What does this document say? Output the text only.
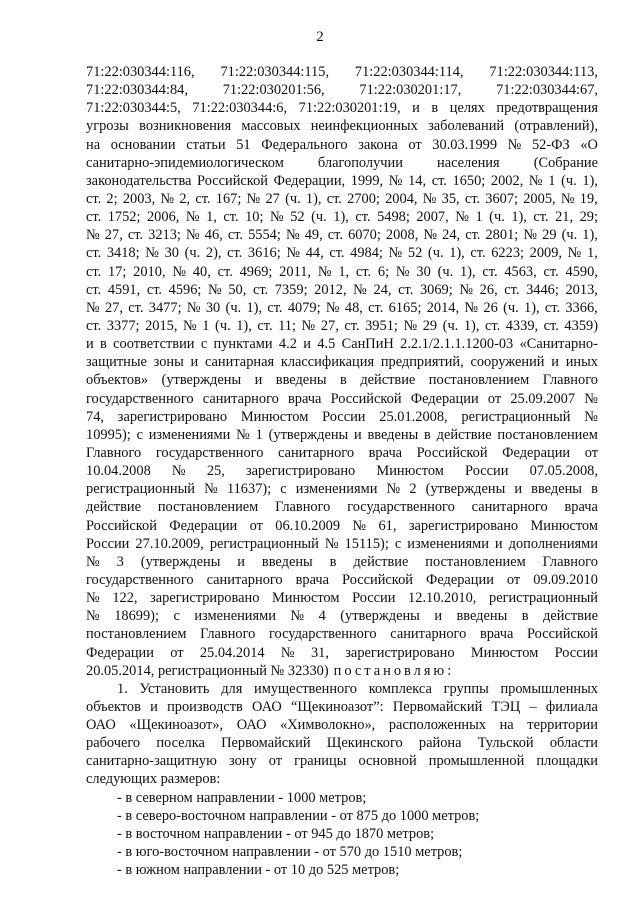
2
71:22:030344:116, 71:22:030344:115, 71:22:030344:114, 71:22:030344:113,
71:22:030344:84, 71:22:030201:56, 71:22:030201:17, 71:22:030344:67,
71:22:030344:5, 71:22:030344:6, 71:22:030201:19, и в целях предотвращения
угрозы возникновения массовых неинфекционных заболеваний (отравлений),
на основании статьи 51 Федерального закона от 30.03.1999 № 52-ФЗ «О
санитарно-эпидемиологическом благополучии населения (Собрание
законодательства Российской Федерации, 1999, № 14, ст. 1650; 2002, № 1 (ч. 1),
ст. 2; 2003, № 2, ст. 167; № 27 (ч. 1), ст. 2700; 2004, № 35, ст. 3607; 2005, № 19,
ст. 1752; 2006, № 1, ст. 10; № 52 (ч. 1), ст. 5498; 2007, № 1 (ч. 1), ст. 21, 29;
№ 27, ст. 3213; № 46, ст. 5554; № 49, ст. 6070; 2008, № 24, ст. 2801; № 29 (ч. 1),
ст. 3418; № 30 (ч. 2), ст. 3616; № 44, ст. 4984; № 52 (ч. 1), ст. 6223; 2009, № 1,
ст. 17; 2010, № 40, ст. 4969; 2011, № 1, ст. 6; № 30 (ч. 1), ст. 4563, ст. 4590,
ст. 4591, ст. 4596; № 50, ст. 7359; 2012, № 24, ст. 3069; № 26, ст. 3446; 2013,
№ 27, ст. 3477; № 30 (ч. 1), ст. 4079; № 48, ст. 6165; 2014, № 26 (ч. 1), ст. 3366,
ст. 3377; 2015, № 1 (ч. 1), ст. 11; № 27, ст. 3951; № 29 (ч. 1), ст. 4339, ст. 4359)
и в соответствии с пунктами 4.2 и 4.5 СанПиН 2.2.1/2.1.1.1200-03 «Санитарно-
защитные зоны и санитарная классификация предприятий, сооружений и иных
объектов» (утверждены и введены в действие постановлением Главного
государственного санитарного врача Российской Федерации от 25.09.2007 №
74, зарегистрировано Минюстом России 25.01.2008, регистрационный №
10995); с изменениями № 1 (утверждены и введены в действие постановлением
Главного государственного санитарного врача Российской Федерации от
10.04.2008 № 25, зарегистрировано Минюстом России 07.05.2008,
регистрационный № 11637); с изменениями № 2 (утверждены и введены в
действие постановлением Главного государственного санитарного врача
Российской Федерации от 06.10.2009 № 61, зарегистрировано Минюстом
России 27.10.2009, регистрационный № 15115); с изменениями и дополнениями
№ 3 (утверждены и введены в действие постановлением Главного
государственного санитарного врача Российской Федерации от 09.09.2010
№ 122, зарегистрировано Минюстом России 12.10.2010, регистрационный
№ 18699); с изменениями № 4 (утверждены и введены в действие
постановлением Главного государственного санитарного врача Российской
Федерации от 25.04.2014 № 31, зарегистрировано Минюстом России
20.05.2014, регистрационный № 32330) постановляю:
1. Установить для имущественного комплекса группы промышленных
объектов и производств ОАО “Щекиноазот”: Первомайский ТЭЦ – филиала
ОАО «Щекиноазот», ОАО «Химволокно», расположенных на территории
рабочего поселка Первомайский Щекинского района Тульской области
санитарно-защитную зону от границы основной промышленной площадки
следующих размеров:
- в северном направлении - 1000 метров;
- в северо-восточном направлении - от 875 до 1000 метров;
- в восточном направлении - от 945 до 1870 метров;
- в юго-восточном направлении - от 570 до 1510 метров;
- в южном направлении - от 10 до 525 метров;
